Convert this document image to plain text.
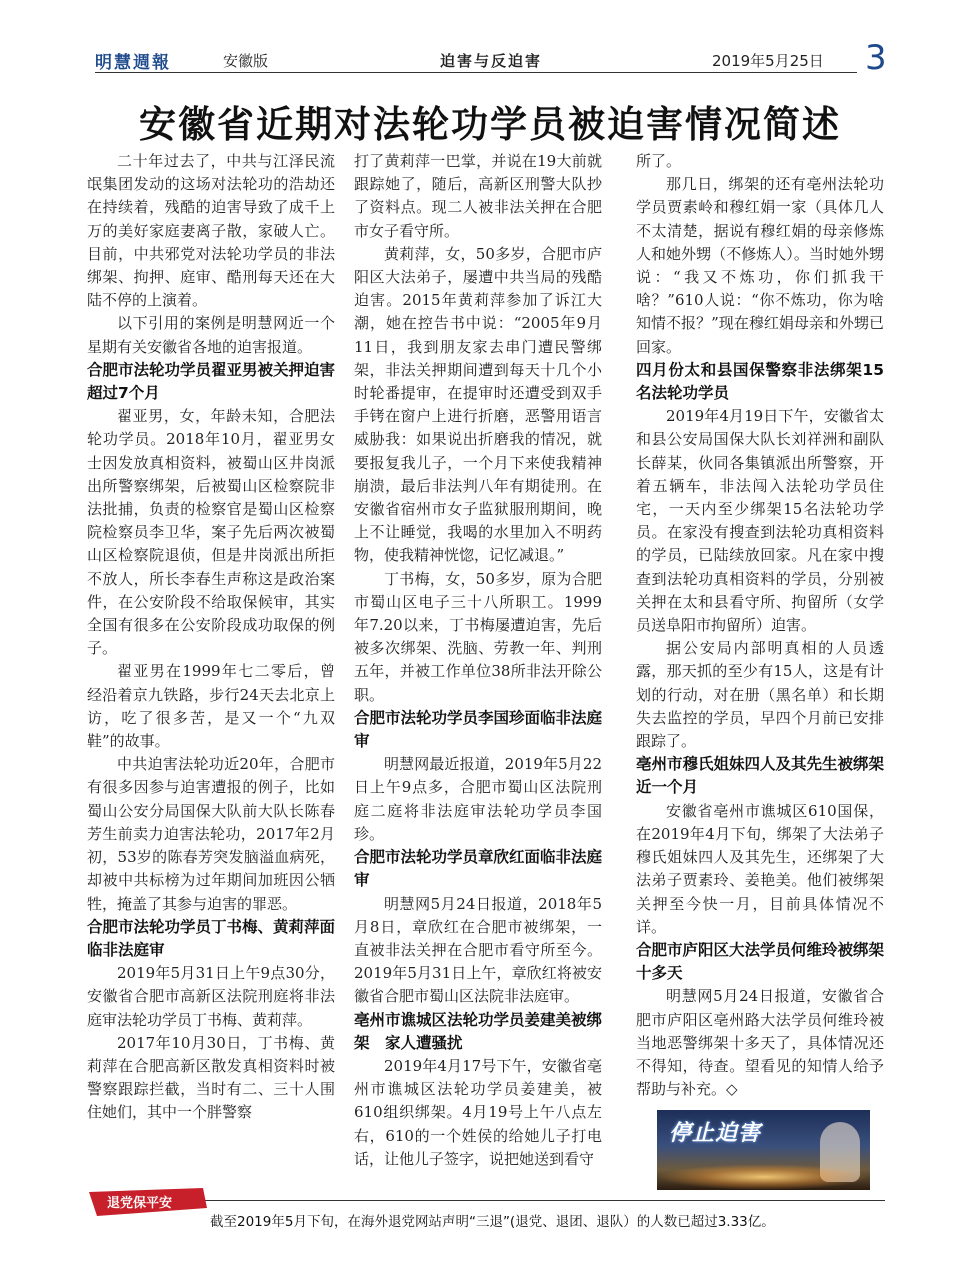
明慧週報	安徽版	迫害与反迫害	2019年5月25日 3
安徽省近期对法轮功学员被迫害情况简述

二十年过去了，中共与江泽民流氓集团发动的这场对法轮功的浩劫还在持续着，残酷的迫害导致了成千上万的美好家庭妻离子散，家破人亡。目前，中共邪党对法轮功学员的非法绑架、拘押、庭审、酷刑每天还在大陆不停的上演着。

以下引用的案例是明慧网近一个星期有关安徽省各地的迫害报道。

合肥市法轮功学员翟亚男被关押迫害超过7个月

翟亚男，女，年龄未知，合肥法轮功学员。2018年10月，翟亚男女士因发放真相资料，被蜀山区井岗派出所警察绑架，后被蜀山区检察院非法批捕，负责的检察官是蜀山区检察院检察员李卫华，案子先后两次被蜀山区检察院退侦，但是井岗派出所拒不放人，所长李春生声称这是政治案件，在公安阶段不给取保候审，其实全国有很多在公安阶段成功取保的例子。

翟亚男在1999年七二零后，曾经沿着京九铁路，步行24天去北京上访，吃了很多苦，是又一个“九双鞋”的故事。

中共迫害法轮功近20年，合肥市有很多因参与迫害遭报的例子，比如蜀山公安分局国保大队前大队长陈春芳生前卖力迫害法轮功，2017年2月初，53岁的陈春芳突发脑溢血病死，却被中共标榜为过年期间加班因公牺牲，掩盖了其参与迫害的罪恶。

合肥市法轮功学员丁书梅、黄莉萍面临非法庭审

2019年5月31日上午9点30分，安徽省合肥市高新区法院刑庭将非法庭审法轮功学员丁书梅、黄莉萍。

2017年10月30日，丁书梅、黄莉萍在合肥高新区散发真相资料时被警察跟踪拦截，当时有二、三十人围住她们，其中一个胖警察

打了黄莉萍一巴掌，并说在19大前就跟踪她了，随后，高新区刑警大队抄了资料点。现二人被非法关押在合肥市女子看守所。

黄莉萍，女，50多岁，合肥市庐阳区大法弟子，屡遭中共当局的残酷迫害。2015年黄莉萍参加了诉江大潮，她在控告书中说：“2005年9月11日，我到朋友家去串门遭民警绑架，非法关押期间遭到每天十几个小时轮番提审，在提审时还遭受到双手手铐在窗户上进行折磨，恶警用语言威胁我：如果说出折磨我的情况，就要报复我儿子，一个月下来使我精神崩溃，最后非法判八年有期徒刑。在安徽省宿州市女子监狱服刑期间，晚上不让睡觉，我喝的水里加入不明药物，使我精神恍惚，记忆减退。”

丁书梅，女，50多岁，原为合肥市蜀山区电子三十八所职工。1999年7.20以来，丁书梅屡遭迫害，先后被多次绑架、洗脑、劳教一年、判刑五年，并被工作单位38所非法开除公职。

合肥市法轮功学员李国珍面临非法庭审

明慧网最近报道，2019年5月22日上午9点多，合肥市蜀山区法院刑庭二庭将非法庭审法轮功学员李国珍。

合肥市法轮功学员章欣红面临非法庭审

明慧网5月24日报道，2018年5月8日，章欣红在合肥市被绑架，一直被非法关押在合肥市看守所至今。2019年5月31日上午，章欣红将被安徽省合肥市蜀山区法院非法庭审。

亳州市谯城区法轮功学员姜建美被绑架　家人遭骚扰

2019年4月17号下午，安徽省亳州市谯城区法轮功学员姜建美，被610组织绑架。4月19号上午八点左右，610的一个姓侯的给她儿子打电话，让他儿子签字，说把她送到看守

所了。

那几日，绑架的还有亳州法轮功学员贾素岭和穆红娟一家（具体几人不太清楚，据说有穆红娟的母亲修炼人和她外甥（不修炼人）。当时她外甥说：“我又不炼功，你们抓我干啥？”610人说：“你不炼功，你为啥知情不报？”现在穆红娟母亲和外甥已回家。

四月份太和县国保警察非法绑架15名法轮功学员

2019年4月19日下午，安徽省太和县公安局国保大队长刘祥洲和副队长薛某，伙同各集镇派出所警察，开着五辆车，非法闯入法轮功学员住宅，一天内至少绑架15名法轮功学员。在家没有搜查到法轮功真相资料的学员，已陆续放回家。凡在家中搜查到法轮功真相资料的学员，分别被关押在太和县看守所、拘留所（女学员送阜阳市拘留所）迫害。

据公安局内部明真相的人员透露，那天抓的至少有15人，这是有计划的行动，对在册（黑名单）和长期失去监控的学员，早四个月前已安排跟踪了。

亳州市穆氏姐妹四人及其先生被绑架近一个月

安徽省亳州市谯城区610国保，在2019年4月下旬，绑架了大法弟子穆氏姐妹四人及其先生，还绑架了大法弟子贾素玲、姜艳美。他们被绑架关押至今快一月，目前具体情况不详。

合肥市庐阳区大法学员何维玲被绑架十多天

明慧网5月24日报道，安徽省合肥市庐阳区亳州路大法学员何维玲被当地恶警绑架十多天了，具体情况还不得知，待查。望看见的知情人给予帮助与补充。◇

停止迫害
退党保平安
截至2019年5月下旬，在海外退党网站声明“三退”(退党、退团、退队）的人数已超过3.33亿。
